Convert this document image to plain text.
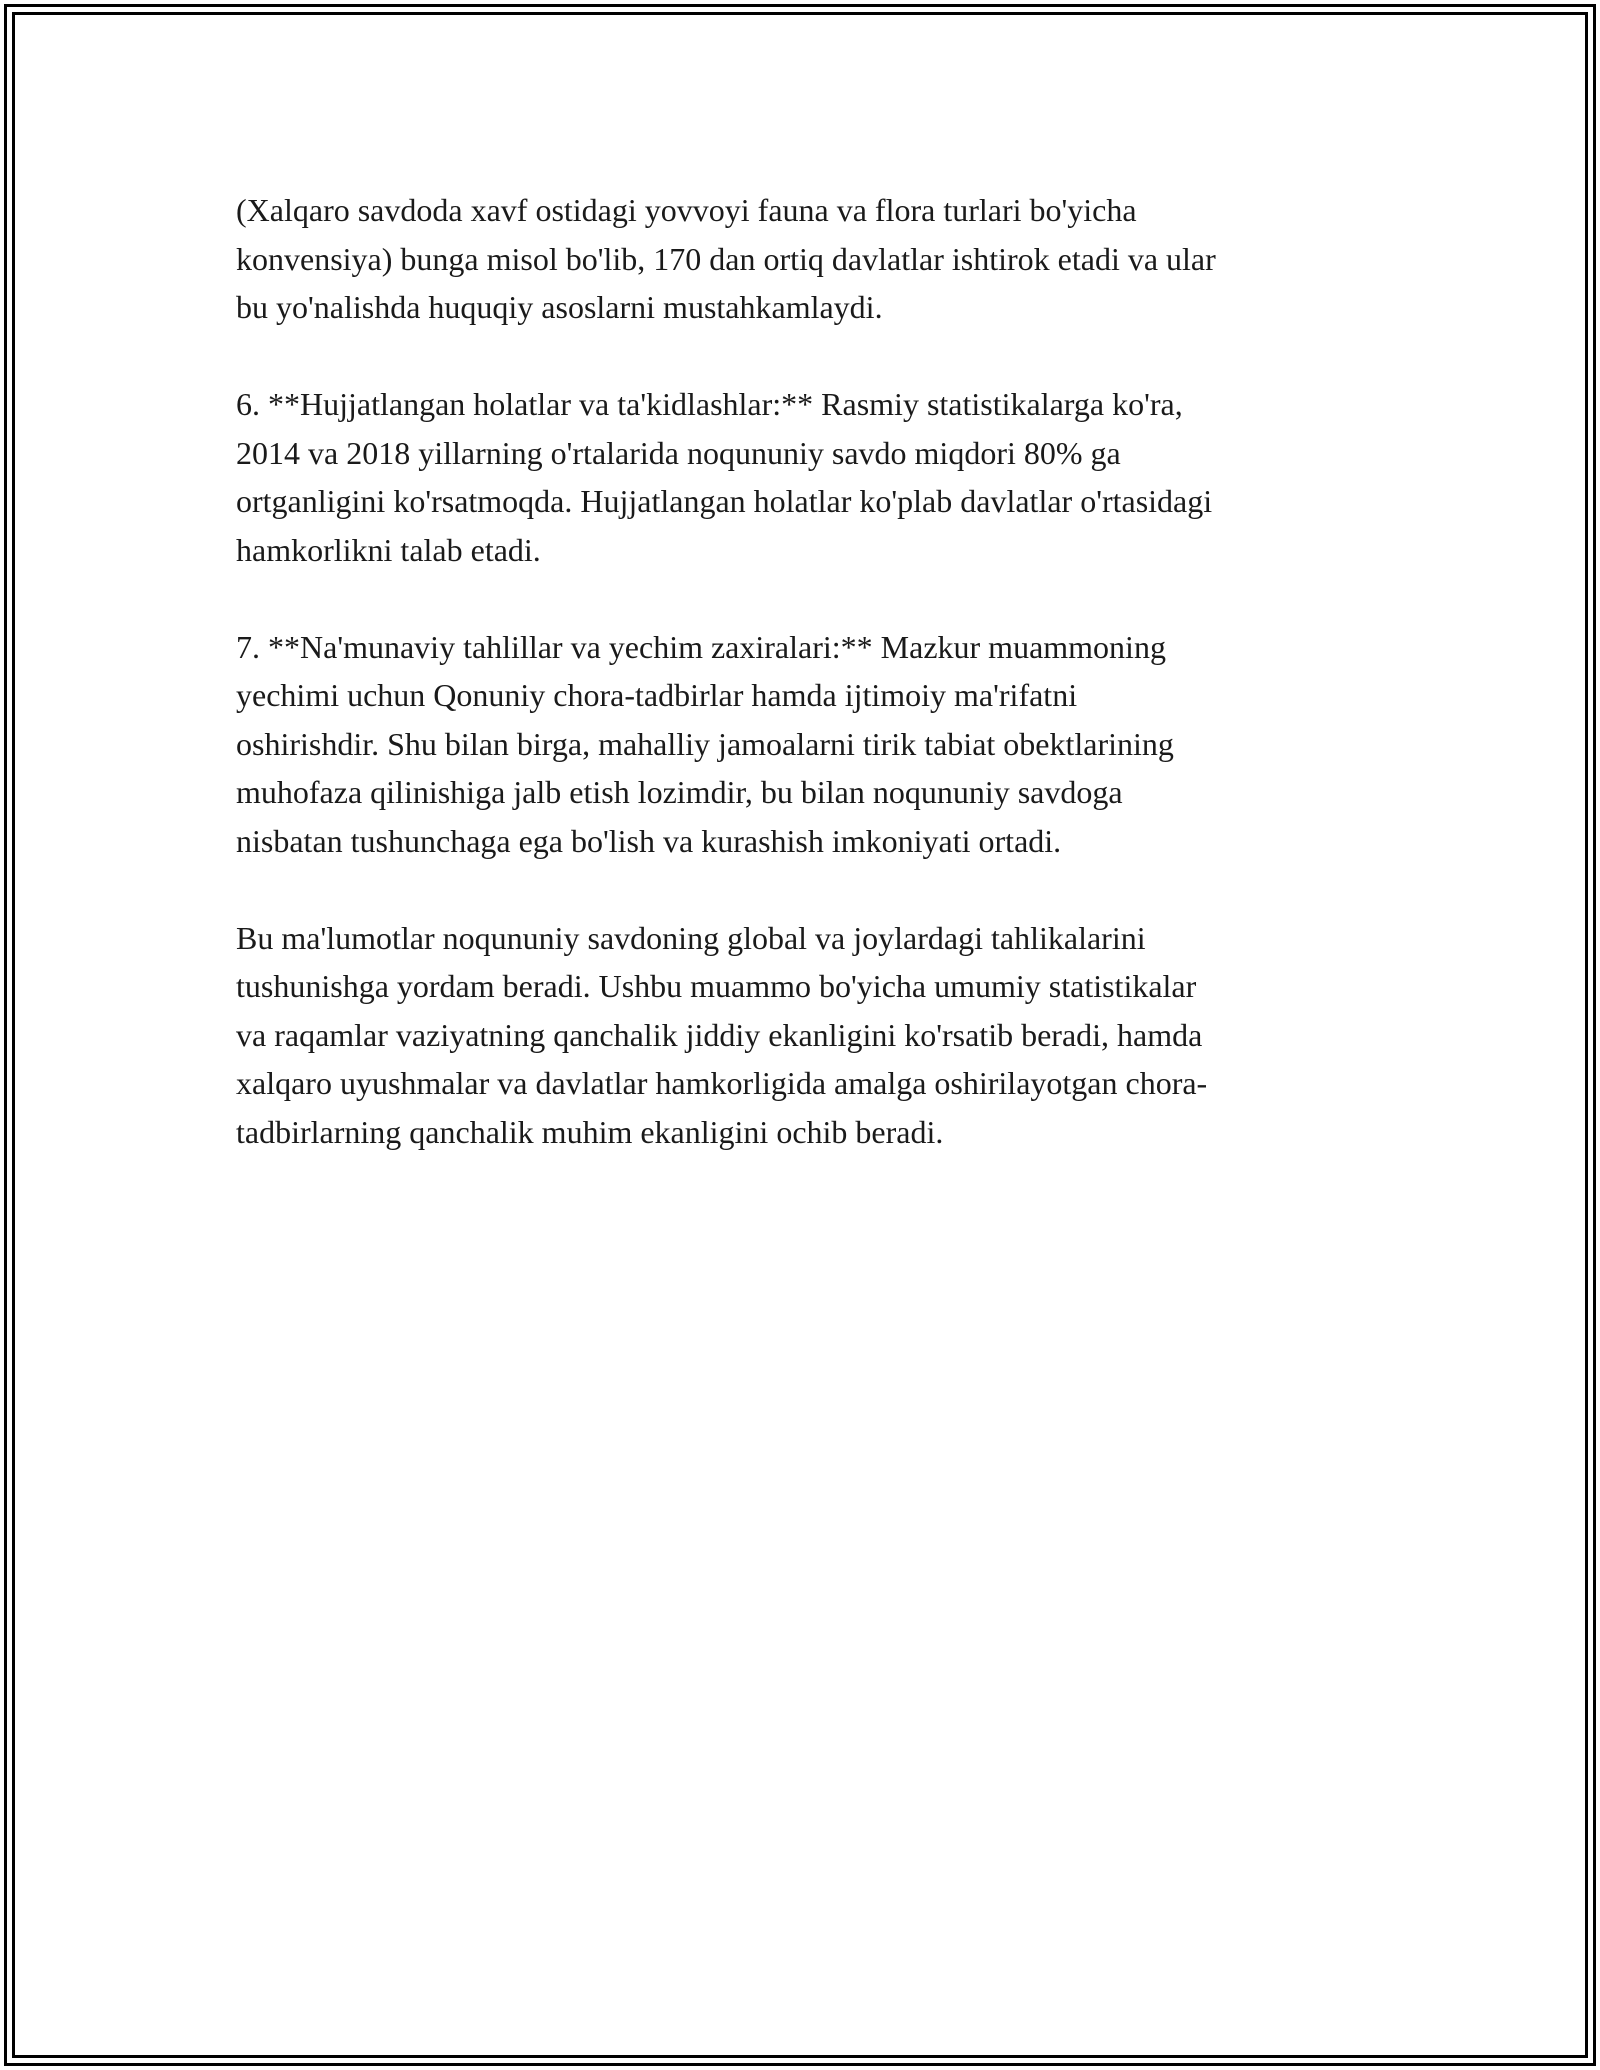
(Xalqaro savdoda xavf ostidagi yovvoyi fauna va flora turlari bo'yicha
konvensiya) bunga misol bo'lib, 170 dan ortiq davlatlar ishtirok etadi va ular
bu yo'nalishda huquqiy asoslarni mustahkamlaydi.

6. **Hujjatlangan holatlar va ta'kidlashlar:** Rasmiy statistikalarga ko'ra,
2014 va 2018 yillarning o'rtalarida noqununiy savdo miqdori 80% ga
ortganligini ko'rsatmoqda. Hujjatlangan holatlar ko'plab davlatlar o'rtasidagi
hamkorlikni talab etadi.

7. **Na'munaviy tahlillar va yechim zaxiralari:** Mazkur muammoning
yechimi uchun Qonuniy chora-tadbirlar hamda ijtimoiy ma'rifatni
oshirishdir. Shu bilan birga, mahalliy jamoalarni tirik tabiat obektlarining
muhofaza qilinishiga jalb etish lozimdir, bu bilan noqununiy savdoga
nisbatan tushunchaga ega bo'lish va kurashish imkoniyati ortadi.

Bu ma'lumotlar noqununiy savdoning global va joylardagi tahlikalarini
tushunishga yordam beradi. Ushbu muammo bo'yicha umumiy statistikalar
va raqamlar vaziyatning qanchalik jiddiy ekanligini ko'rsatib beradi, hamda
xalqaro uyushmalar va davlatlar hamkorligida amalga oshirilayotgan chora-
tadbirlarning qanchalik muhim ekanligini ochib beradi.
